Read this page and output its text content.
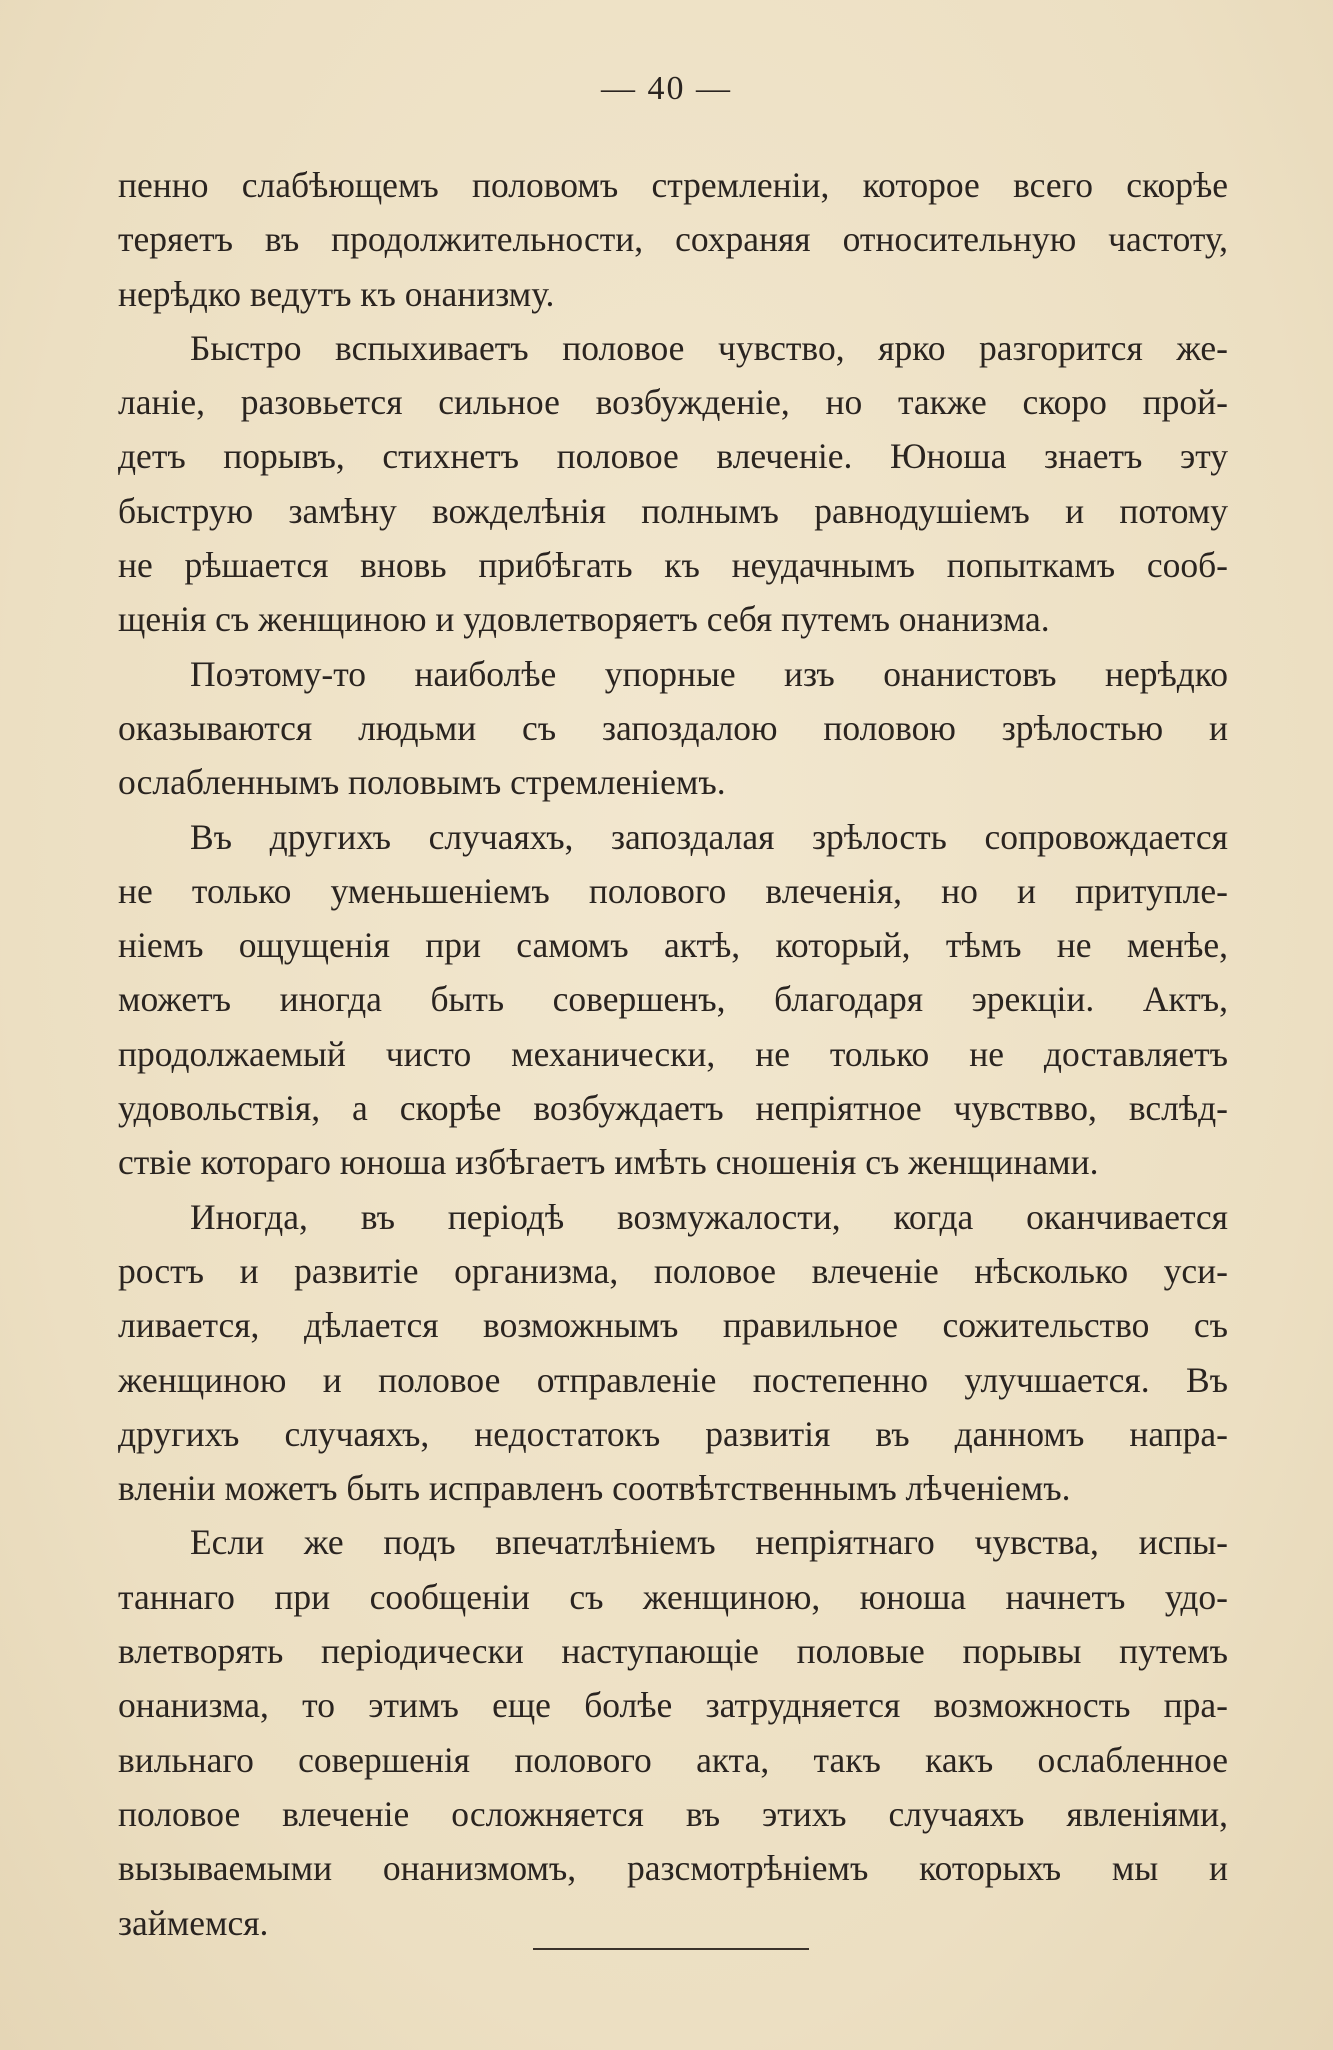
— 40 —

пенно слабѣющемъ половомъ стремленіи, которое всего скорѣе
теряетъ въ продолжительности, сохраняя относительную частоту,
нерѣдко ведутъ къ онанизму.

Быстро вспыхиваетъ половое чувство, ярко разгорится же-
ланіе, разовьется сильное возбужденіе, но также скоро прой-
детъ порывъ, стихнетъ половое влеченіе. Юноша знаетъ эту
быструю замѣну вожделѣнія полнымъ равнодушіемъ и потому
не рѣшается вновь прибѣгать къ неудачнымъ попыткамъ сооб-
щенія съ женщиною и удовлетворяетъ себя путемъ онанизма.

Поэтому-то наиболѣе упорные изъ онанистовъ нерѣдко
оказываются людьми съ запоздалою половою зрѣлостью и
ослабленнымъ половымъ стремленіемъ.

Въ другихъ случаяхъ, запоздалая зрѣлость сопровождается
не только уменьшеніемъ полового влеченія, но и притупле-
ніемъ ощущенія при самомъ актѣ, который, тѣмъ не менѣе,
можетъ иногда быть совершенъ, благодаря эрекціи. Актъ,
продолжаемый чисто механически, не только не доставляетъ
удовольствія, а скорѣе возбуждаетъ непріятное чувствво, вслѣд-
ствіе котораго юноша избѣгаетъ имѣть сношенія съ женщинами.

Иногда, въ періодѣ возмужалости, когда оканчивается
ростъ и развитіе организма, половое влеченіе нѣсколько уси-
ливается, дѣлается возможнымъ правильное сожительство съ
женщиною и половое отправленіе постепенно улучшается. Въ
другихъ случаяхъ, недостатокъ развитія въ данномъ напра-
вленіи можетъ быть исправленъ соотвѣтственнымъ лѣченіемъ.

Если же подъ впечатлѣніемъ непріятнаго чувства, испы-
таннаго при сообщеніи съ женщиною, юноша начнетъ удо-
влетворять періодически наступающіе половые порывы путемъ
онанизма, то этимъ еще болѣе затрудняется возможность пра-
вильнаго совершенія полового акта, такъ какъ ослабленное
половое влеченіе осложняется въ этихъ случаяхъ явленіями,
вызываемыми онанизмомъ, разсмотрѣніемъ которыхъ мы и
займемся.
